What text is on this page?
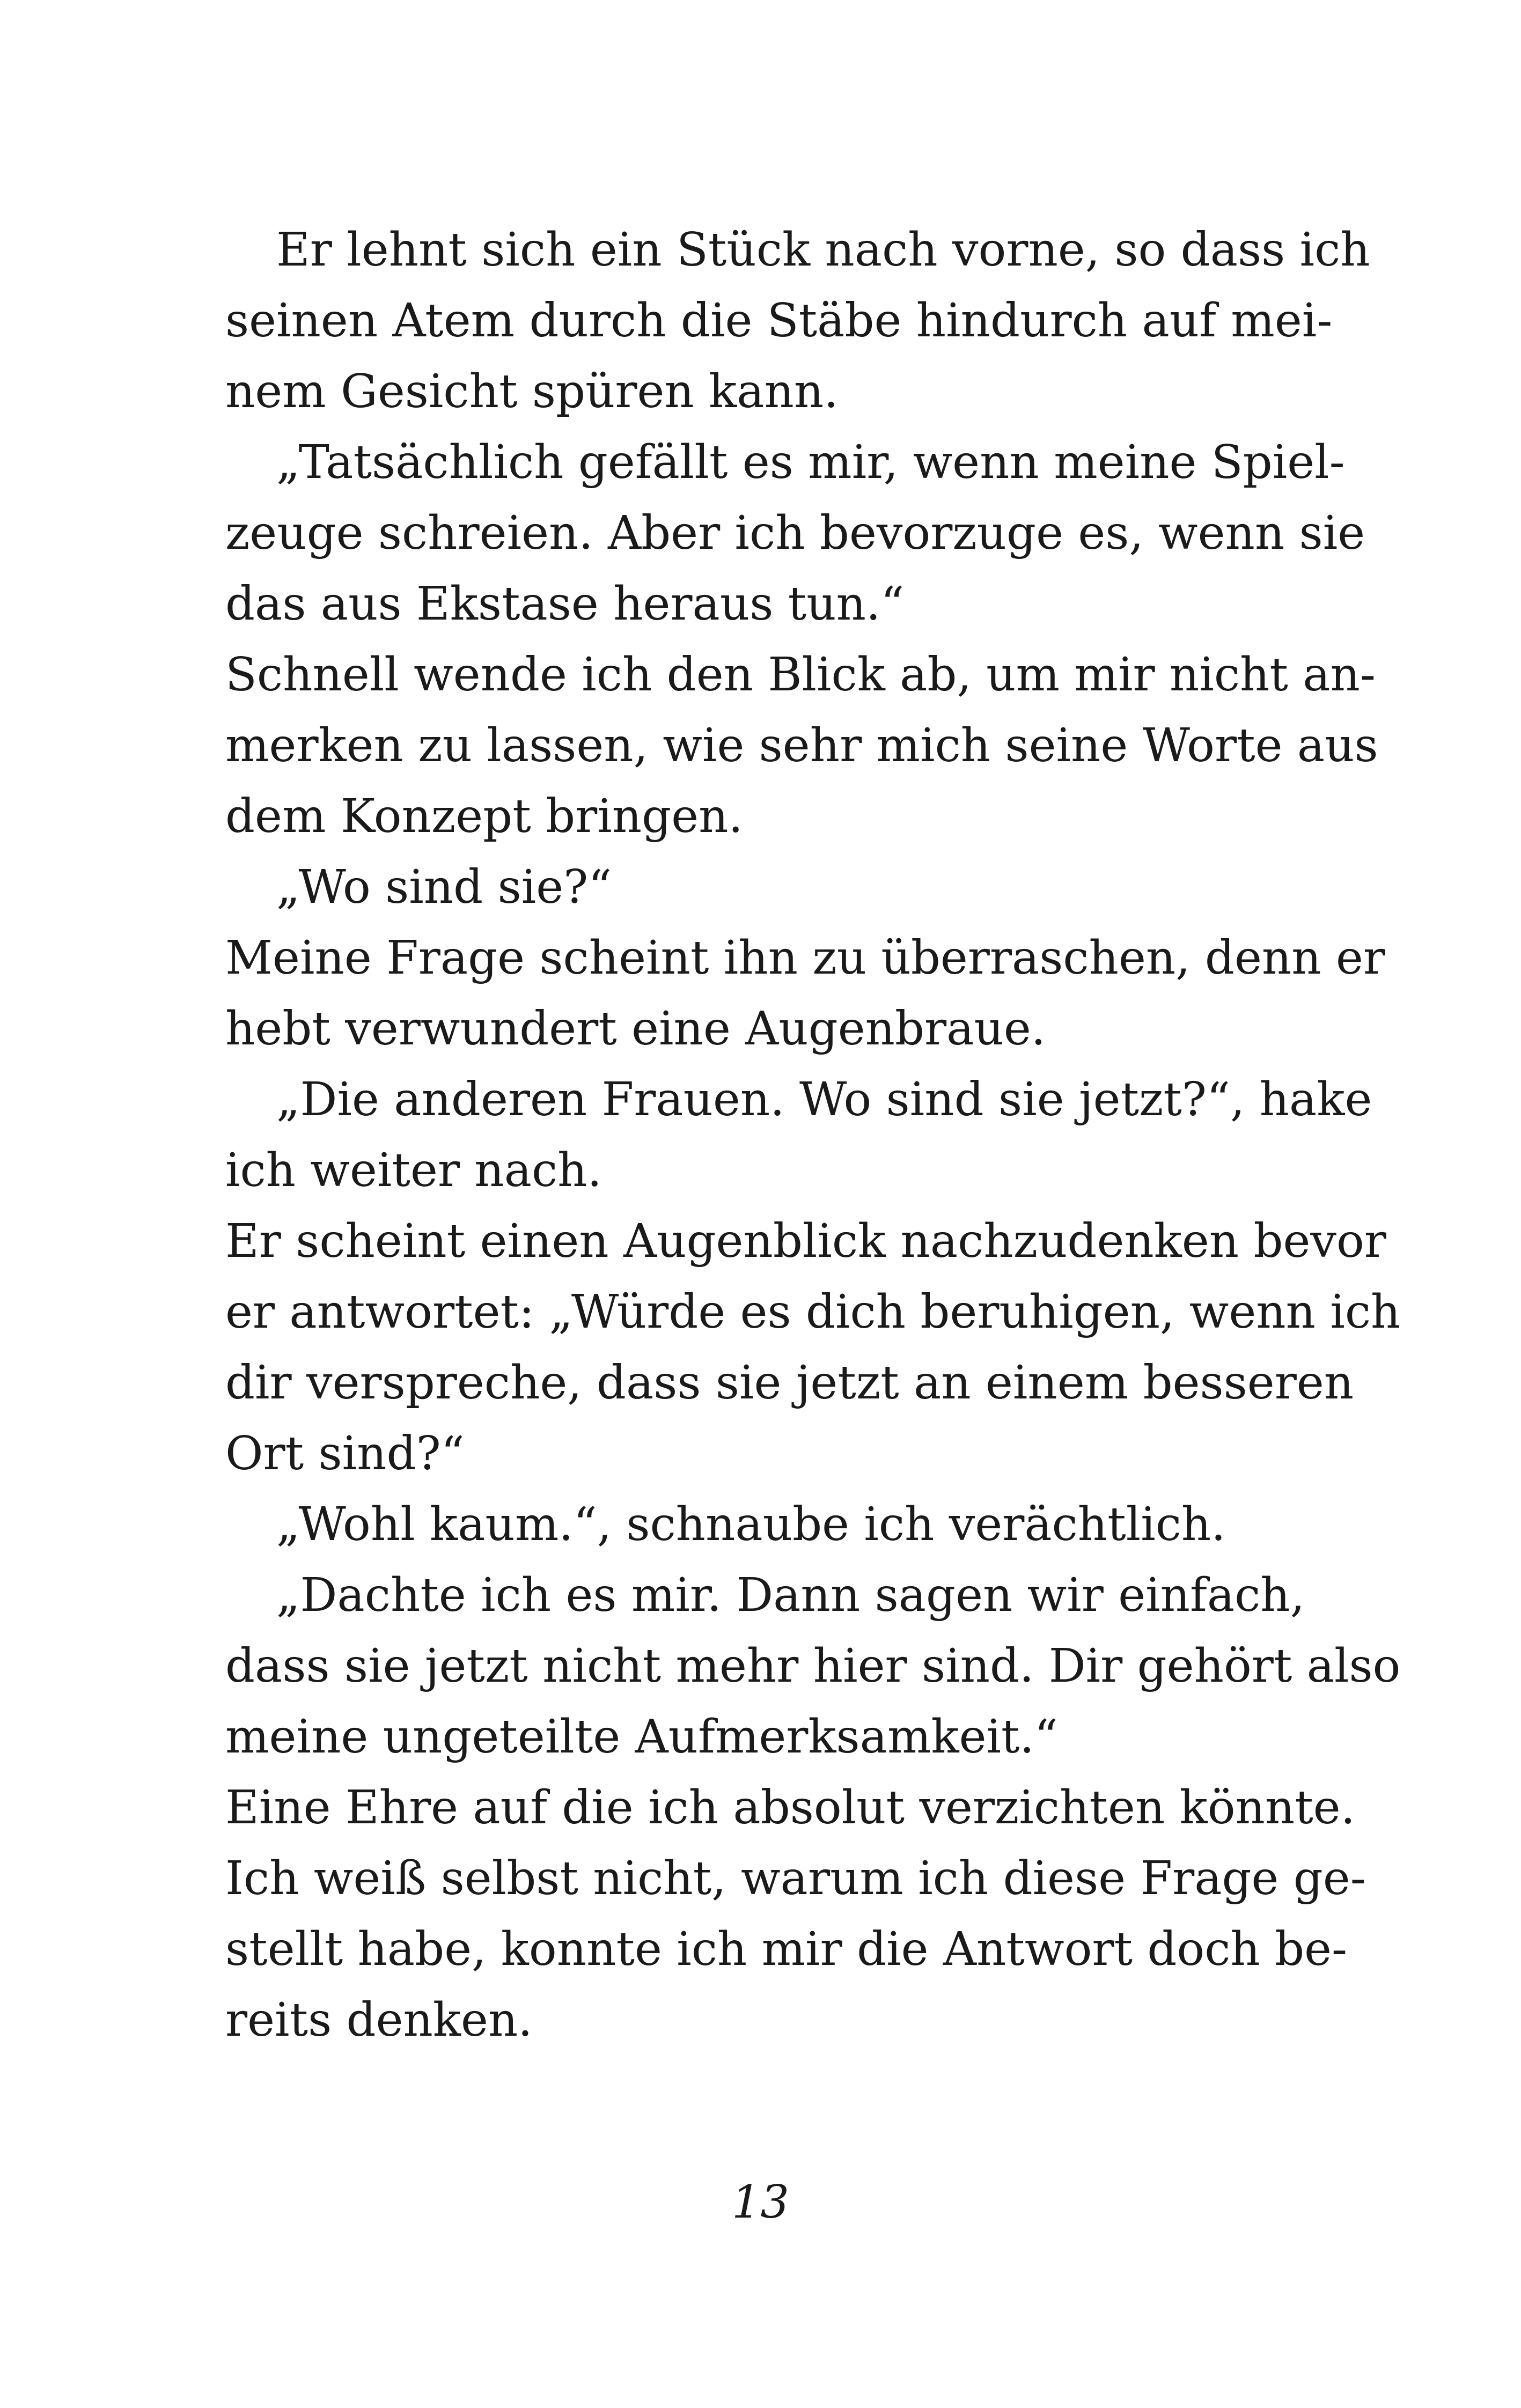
Er lehnt sich ein Stück nach vorne, so dass ich
seinen Atem durch die Stäbe hindurch auf mei-
nem Gesicht spüren kann.
„Tatsächlich gefällt es mir, wenn meine Spiel-
zeuge schreien. Aber ich bevorzuge es, wenn sie
das aus Ekstase heraus tun.“
Schnell wende ich den Blick ab, um mir nicht an-
merken zu lassen, wie sehr mich seine Worte aus
dem Konzept bringen.
„Wo sind sie?“
Meine Frage scheint ihn zu überraschen, denn er
hebt verwundert eine Augenbraue.
„Die anderen Frauen. Wo sind sie jetzt?“, hake
ich weiter nach.
Er scheint einen Augenblick nachzudenken bevor
er antwortet: „Würde es dich beruhigen, wenn ich
dir verspreche, dass sie jetzt an einem besseren
Ort sind?“
„Wohl kaum.“, schnaube ich verächtlich.
„Dachte ich es mir. Dann sagen wir einfach,
dass sie jetzt nicht mehr hier sind. Dir gehört also
meine ungeteilte Aufmerksamkeit.“
Eine Ehre auf die ich absolut verzichten könnte.
Ich weiß selbst nicht, warum ich diese Frage ge-
stellt habe, konnte ich mir die Antwort doch be-
reits denken.
13
